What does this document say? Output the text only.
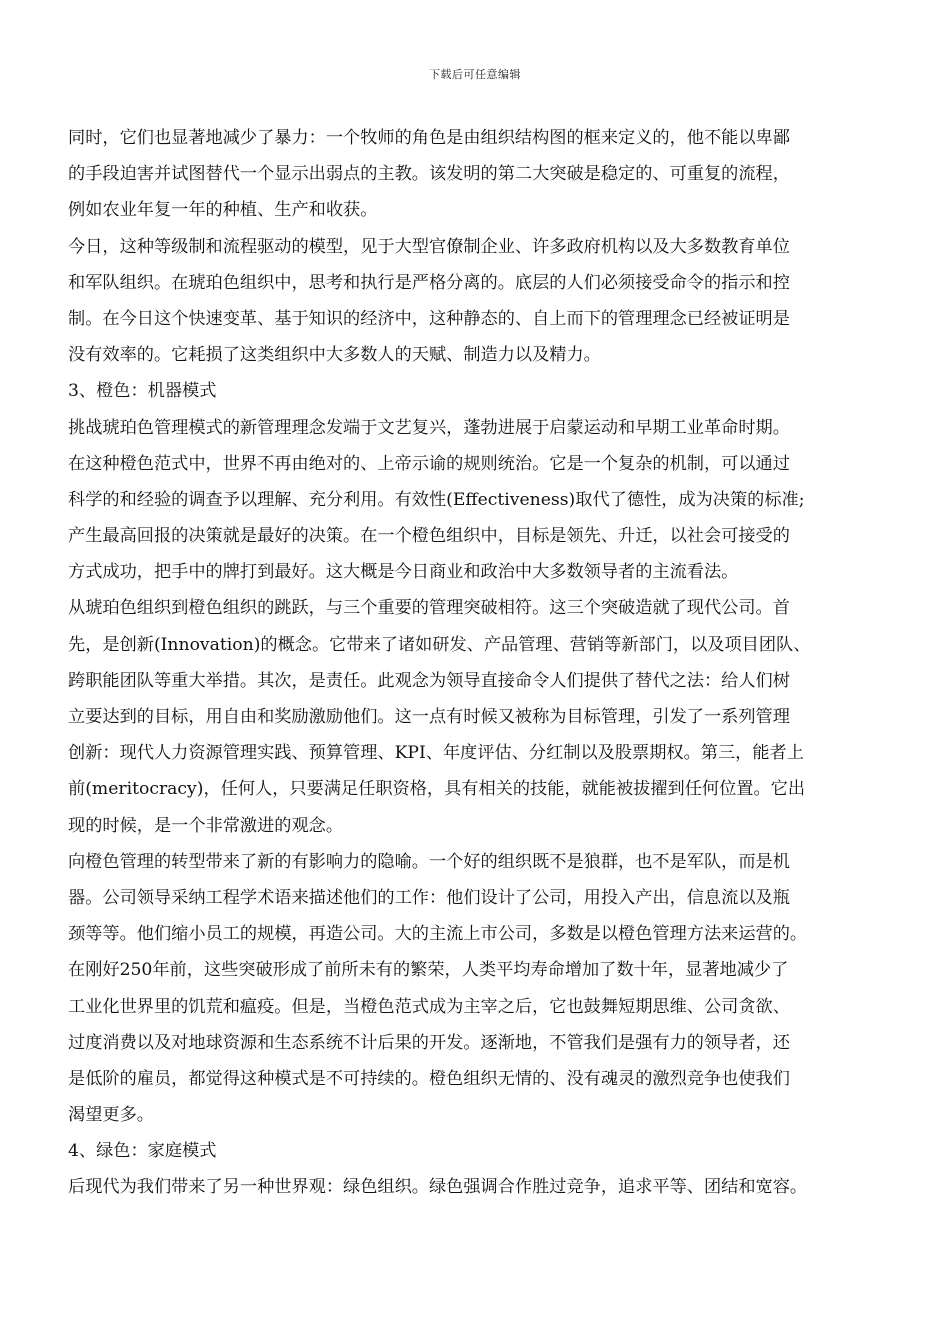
下载后可任意编辑
同时，它们也显著地减少了暴力：一个牧师的角色是由组织结构图的框来定义的，他不能以卑鄙
的手段迫害并试图替代一个显示出弱点的主教。该发明的第二大突破是稳定的、可重复的流程，
例如农业年复一年的种植、生产和收获。
今日，这种等级制和流程驱动的模型，见于大型官僚制企业、许多政府机构以及大多数教育单位
和军队组织。在琥珀色组织中，思考和执行是严格分离的。底层的人们必须接受命令的指示和控
制。在今日这个快速变革、基于知识的经济中，这种静态的、自上而下的管理理念已经被证明是
没有效率的。它耗损了这类组织中大多数人的天赋、制造力以及精力。
3、橙色：机器模式
挑战琥珀色管理模式的新管理理念发端于文艺复兴，蓬勃进展于启蒙运动和早期工业革命时期。
在这种橙色范式中，世界不再由绝对的、上帝示谕的规则统治。它是一个复杂的机制，可以通过
科学的和经验的调查予以理解、充分利用。有效性(Effectiveness)取代了德性，成为决策的标准;
产生最高回报的决策就是最好的决策。在一个橙色组织中，目标是领先、升迁，以社会可接受的
方式成功，把手中的牌打到最好。这大概是今日商业和政治中大多数领导者的主流看法。
从琥珀色组织到橙色组织的跳跃，与三个重要的管理突破相符。这三个突破造就了现代公司。首
先，是创新(Innovation)的概念。它带来了诸如研发、产品管理、营销等新部门，以及项目团队、
跨职能团队等重大举措。其次，是责任。此观念为领导直接命令人们提供了替代之法：给人们树
立要达到的目标，用自由和奖励激励他们。这一点有时候又被称为目标管理，引发了一系列管理
创新：现代人力资源管理实践、预算管理、KPI、年度评估、分红制以及股票期权。第三，能者上
前(meritocracy)，任何人，只要满足任职资格，具有相关的技能，就能被拔擢到任何位置。它出
现的时候，是一个非常激进的观念。
向橙色管理的转型带来了新的有影响力的隐喻。一个好的组织既不是狼群，也不是军队，而是机
器。公司领导采纳工程学术语来描述他们的工作：他们设计了公司，用投入产出，信息流以及瓶
颈等等。他们缩小员工的规模，再造公司。大的主流上市公司，多数是以橙色管理方法来运营的。
在刚好250年前，这些突破形成了前所未有的繁荣，人类平均寿命增加了数十年，显著地减少了
工业化世界里的饥荒和瘟疫。但是，当橙色范式成为主宰之后，它也鼓舞短期思维、公司贪欲、
过度消费以及对地球资源和生态系统不计后果的开发。逐渐地，不管我们是强有力的领导者，还
是低阶的雇员，都觉得这种模式是不可持续的。橙色组织无情的、没有魂灵的激烈竞争也使我们
渴望更多。
4、绿色：家庭模式
后现代为我们带来了另一种世界观：绿色组织。绿色强调合作胜过竞争，追求平等、团结和宽容。
